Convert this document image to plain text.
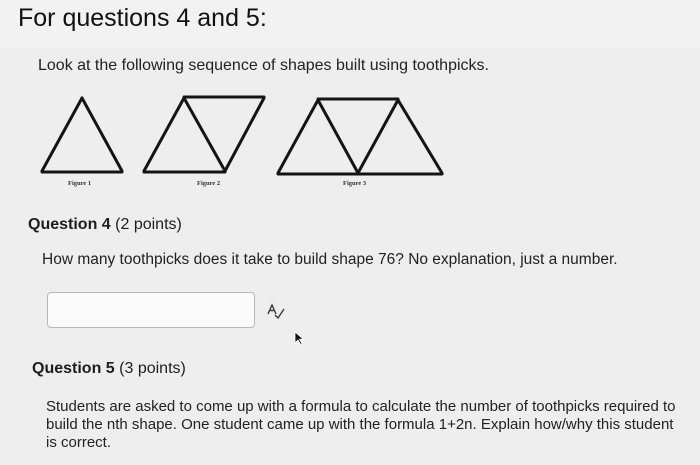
For questions 4 and 5:
Look at the following sequence of shapes built using toothpicks.
Figure 1	Figure 2	Figure 3
Question 4 (2 points)
How many toothpicks does it take to build shape 76? No explanation, just a number.
Question 5 (3 points)
Students are asked to come up with a formula to calculate the number of toothpicks required to build the nth shape. One student came up with the formula 1+2n. Explain how/why this student is correct.
